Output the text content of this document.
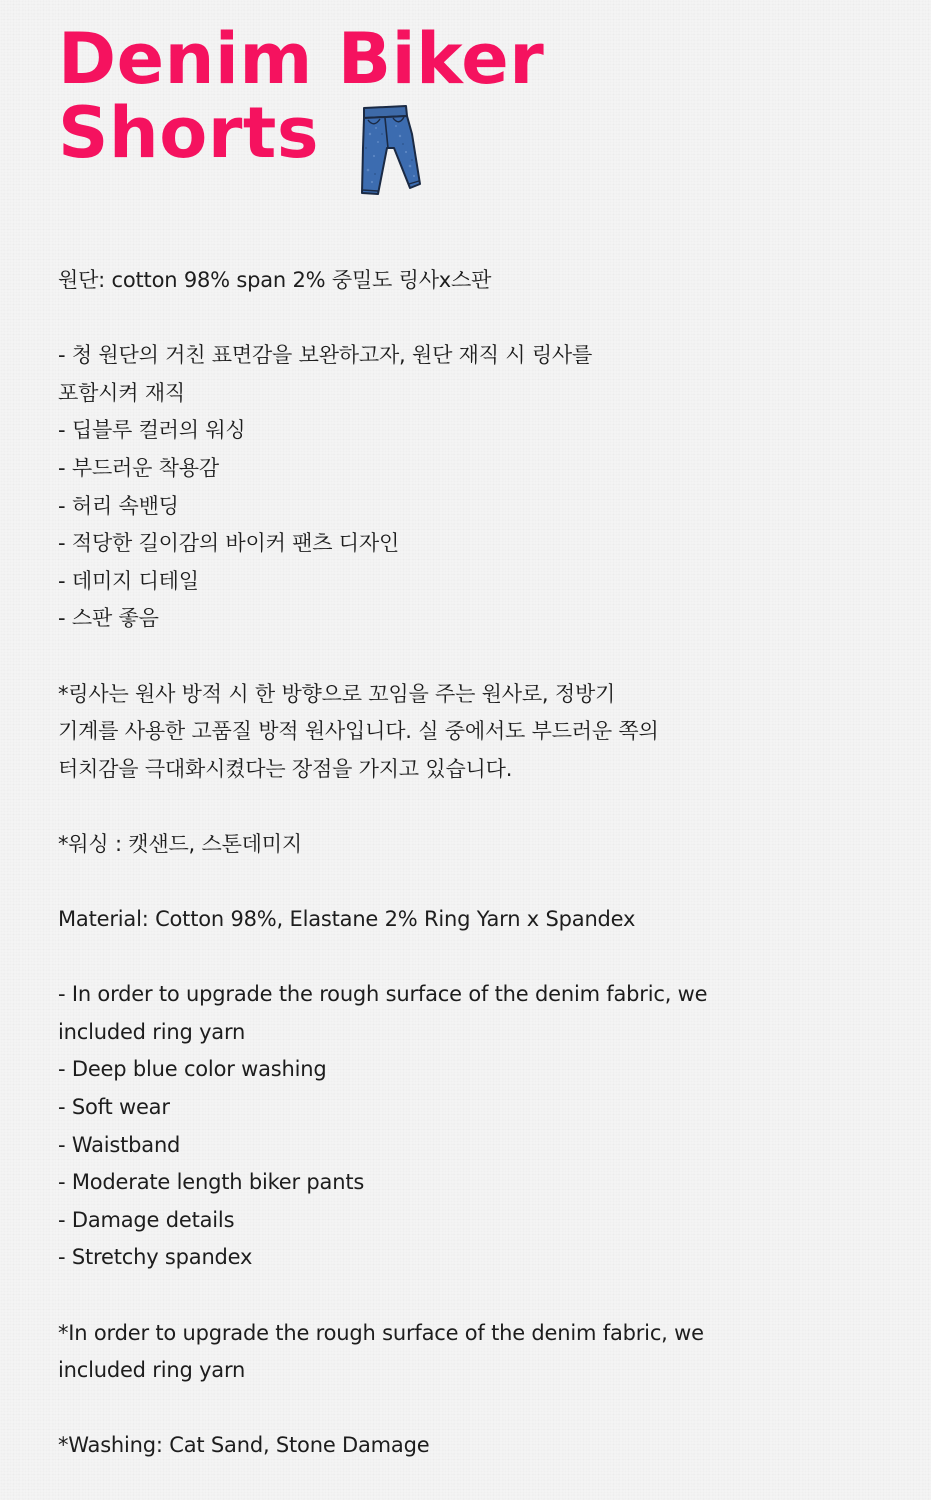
Denim Biker
Shorts

원단: cotton 98% span 2% 중밀도 링사x스판

- 청 원단의 거친 표면감을 보완하고자, 원단 재직 시 링사를

포함시켜 재직

- 딥블루 컬러의 워싱

- 부드러운 착용감

- 허리 속밴딩

- 적당한 길이감의 바이커 팬츠 디자인

- 데미지 디테일

- 스판 좋음

*링사는 원사 방적 시 한 방향으로 꼬임을 주는 원사로, 정방기

기계를 사용한 고품질 방적 원사입니다. 실 중에서도 부드러운 쪽의

터치감을 극대화시켰다는 장점을 가지고 있습니다.

*워싱 : 캣샌드, 스톤데미지

Material: Cotton 98%, Elastane 2% Ring Yarn x Spandex

- In order to upgrade the rough surface of the denim fabric, we

included ring yarn

- Deep blue color washing

- Soft wear

- Waistband

- Moderate length biker pants

- Damage details

- Stretchy spandex

*In order to upgrade the rough surface of the denim fabric, we

included ring yarn

*Washing: Cat Sand, Stone Damage
